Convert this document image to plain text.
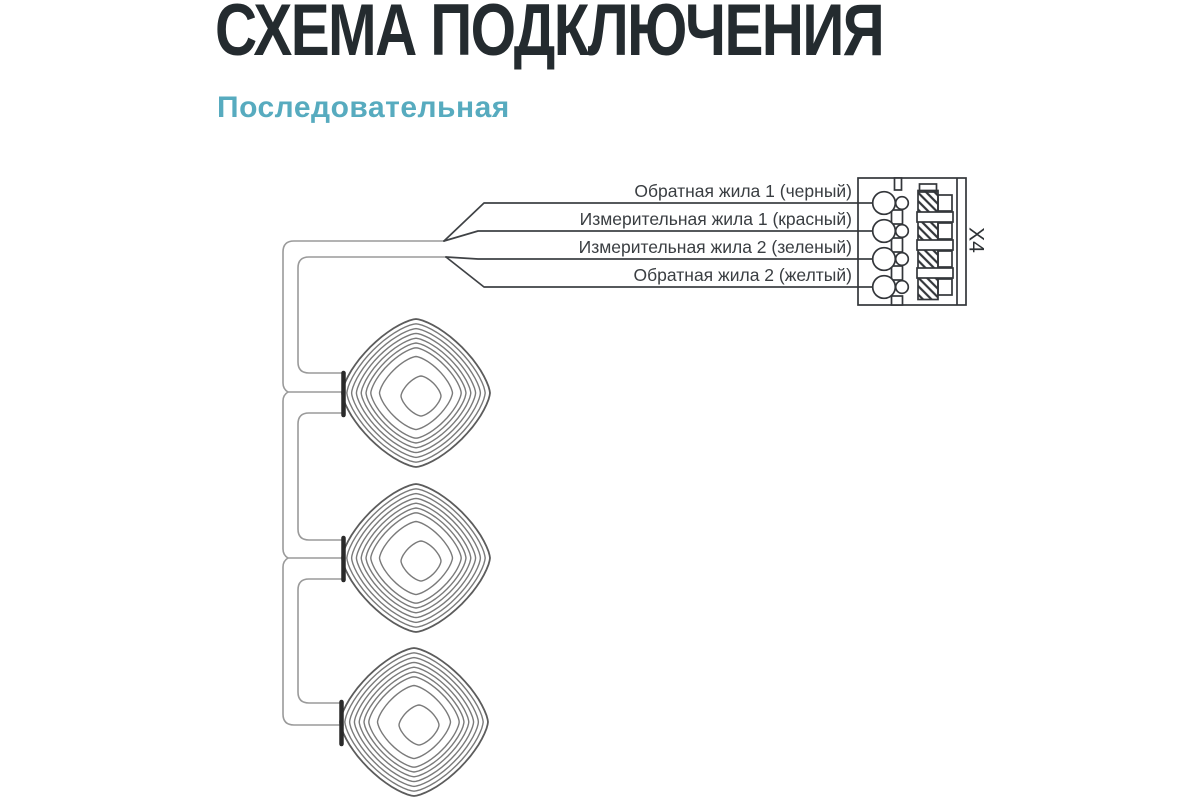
СХЕМА ПОДКЛЮЧЕНИЯ
Последовательная
Обратная жила 1 (черный)
Измерительная жила 1 (красный)
Измерительная жила 2 (зеленый)
Обратная жила 2 (желтый)
X4
